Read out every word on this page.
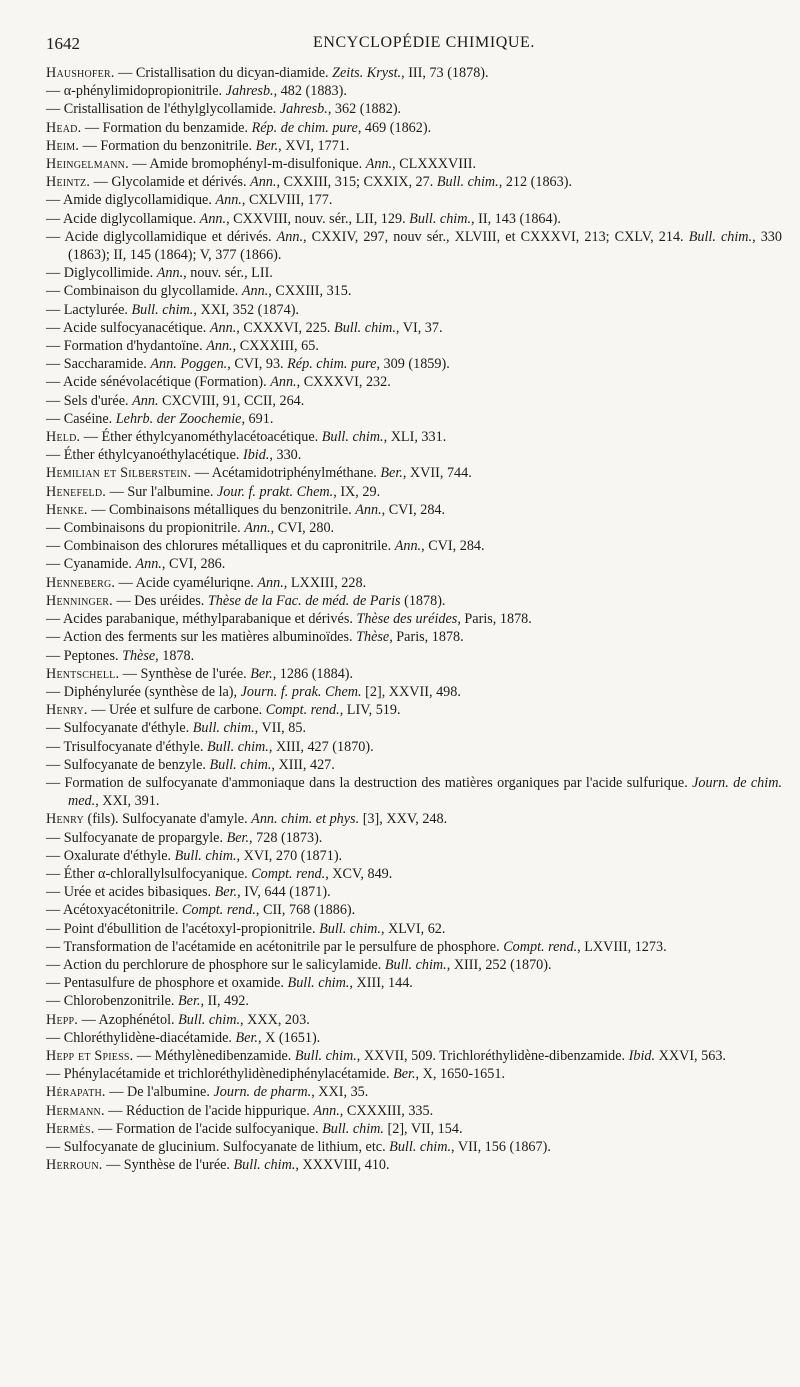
1642	ENCYCLOPÉDIE CHIMIQUE.
Haushofer. — Cristallisation du dicyan-diamide. Zeits. Kryst., III, 73 (1878).
— α-phénylimidopropionitrile. Jahresb., 482 (1883).
— Cristallisation de l'éthylglycollamide. Jahresb., 362 (1882).
Head. — Formation du benzamide. Rép. de chim. pure, 469 (1862).
Heim. — Formation du benzonitrile. Ber., XVI, 1771.
Heingelmann. — Amide bromophényl-m-disulfonique. Ann., CLXXXVIII.
Heintz. — Glycolamide et dérivés. Ann., CXXIII, 315; CXXIX, 27. Bull. chim., 212 (1863).
— Amide diglycollamidique. Ann., CXLVIII, 177.
— Acide diglycollamique. Ann., CXXVIII, nouv. sér., LII, 129. Bull. chim., II, 143 (1864).
— Acide diglycollamidique et dérivés. Ann., CXXIV, 297, nouv sér., XLVIII, et CXXXVI, 213; CXLV, 214. Bull. chim., 330 (1863); II, 145 (1864); V, 377 (1866).
— Diglycollimide. Ann., nouv. sér., LII.
— Combinaison du glycollamide. Ann., CXXIII, 315.
— Lactylurée. Bull. chim., XXI, 352 (1874).
— Acide sulfocyanacétique. Ann., CXXXVI, 225. Bull. chim., VI, 37.
— Formation d'hydantoïne. Ann., CXXXIII, 65.
— Saccharamide. Ann. Poggen., CVI, 93. Rép. chim. pure, 309 (1859).
— Acide sénévolacétique (Formation). Ann., CXXXVI, 232.
— Sels d'urée. Ann. CXCVIII, 91, CCII, 264.
— Caséine. Lehrb. der Zoochemie, 691.
Held. — Éther éthylcyanométhylacétoacétique. Bull. chim., XLI, 331.
— Éther éthylcyanoéthylacétique. Ibid., 330.
Hemilian et Silberstein. — Acétamidotriphénylméthane. Ber., XVII, 744.
Henefeld. — Sur l'albumine. Jour. f. prakt. Chem., IX, 29.
Henke. — Combinaisons métalliques du benzonitrile. Ann., CVI, 284.
— Combinaisons du propionitrile. Ann., CVI, 280.
— Combinaison des chlorures métalliques et du capronitrile. Ann., CVI, 284.
— Cyanamide. Ann., CVI, 286.
Henneberg. — Acide cyaméluriqne. Ann., LXXIII, 228.
Henninger. — Des uréides. Thèse de la Fac. de méd. de Paris (1878).
— Acides parabanique, méthylparabanique et dérivés. Thèse des uréides, Paris, 1878.
— Action des ferments sur les matières albuminoïdes. Thèse, Paris, 1878.
— Peptones. Thèse, 1878.
Hentschell. — Synthèse de l'urée. Ber., 1286 (1884).
— Diphénylurée (synthèse de la), Journ. f. prak. Chem. [2], XXVII, 498.
Henry. — Urée et sulfure de carbone. Compt. rend., LIV, 519.
— Sulfocyanate d'éthyle. Bull. chim., VII, 85.
— Trisulfocyanate d'éthyle. Bull. chim., XIII, 427 (1870).
— Sulfocyanate de benzyle. Bull. chim., XIII, 427.
— Formation de sulfocyanate d'ammoniaque dans la destruction des matières organiques par l'acide sulfurique. Journ. de chim. med., XXI, 391.
Henry (fils). Sulfocyanate d'amyle. Ann. chim. et phys. [3], XXV, 248.
— Sulfocyanate de propargyle. Ber., 728 (1873).
— Oxalurate d'éthyle. Bull. chim., XVI, 270 (1871).
— Éther α-chlorallylsulfocyanique. Compt. rend., XCV, 849.
— Urée et acides bibasiques. Ber., IV, 644 (1871).
— Acétoxyacétonitrile. Compt. rend., CII, 768 (1886).
— Point d'ébullition de l'acétoxyl-propionitrile. Bull. chim., XLVI, 62.
— Transformation de l'acétamide en acétonitrile par le persulfure de phosphore. Compt. rend., LXVIII, 1273.
— Action du perchlorure de phosphore sur le salicylamide. Bull. chim., XIII, 252 (1870).
— Pentasulfure de phosphore et oxamide. Bull. chim., XIII, 144.
— Chlorobenzonitrile. Ber., II, 492.
Hepp. — Azophénétol. Bull. chim., XXX, 203.
— Chloréthylidène-diacétamide. Ber., X (1651).
Hepp et Spiess. — Méthylènedibenzamide. Bull. chim., XXVII, 509. Trichloréthylidène-dibenzamide. Ibid. XXVI, 563.
— Phénylacétamide et trichloréthylidènediphénylacétamide. Ber., X, 1650-1651.
Hérapath. — De l'albumine. Journ. de pharm., XXI, 35.
Hermann. — Réduction de l'acide hippurique. Ann., CXXXIII, 335.
Hermès. — Formation de l'acide sulfocyanique. Bull. chim. [2], VII, 154.
— Sulfocyanate de glucinium. Sulfocyanate de lithium, etc. Bull. chim., VII, 156 (1867).
Herroun. — Synthèse de l'urée. Bull. chim., XXXVIII, 410.
